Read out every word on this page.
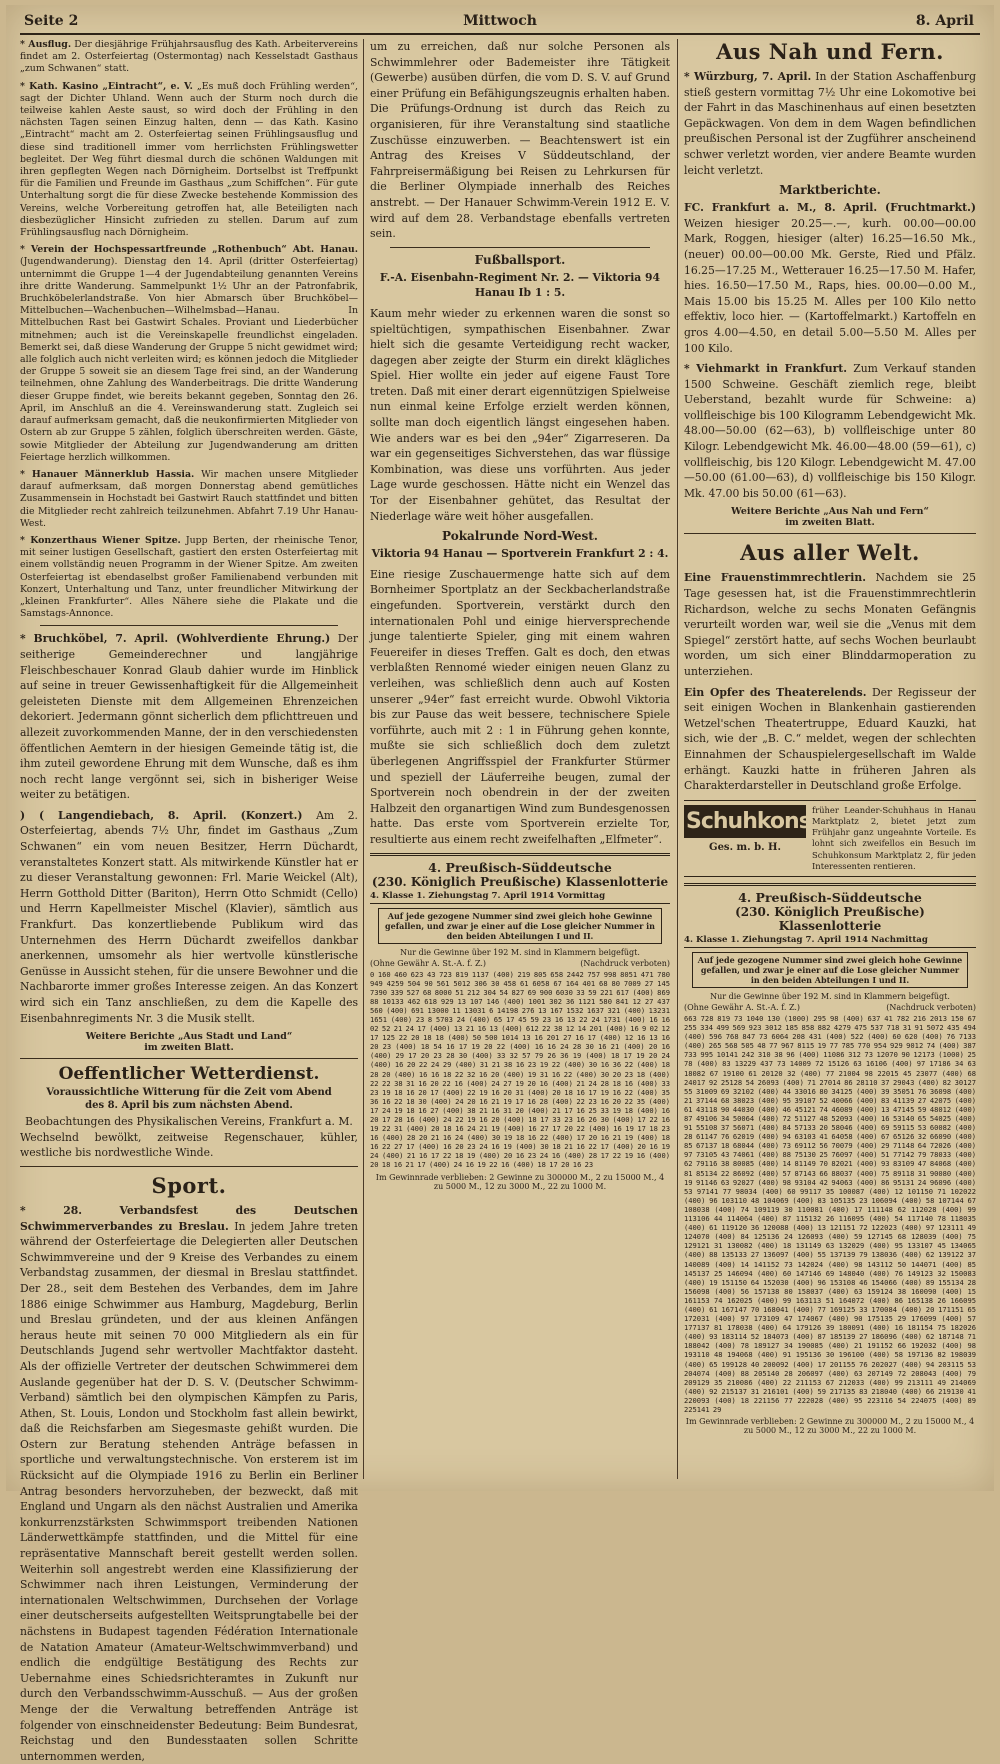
Seite 2	Mittwoch	8. April

* Ausflug. Der diesjährige Frühjahrsausflug des Kath. Arbeitervereins findet am 2. Osterfeiertag (Ostermontag) nach Kesselstadt Gasthaus „zum Schwanen“ statt.

* Kath. Kasino „Eintracht“, e. V. „Es muß doch Frühling werden“, sagt der Dichter Uhland. Wenn auch der Sturm noch durch die teilweise kahlen Aeste saust, so wird doch der Frühling in den nächsten Tagen seinen Einzug halten, denn — das Kath. Kasino „Eintracht“ macht am 2. Osterfeiertag seinen Frühlingsausflug und diese sind traditionell immer vom herrlichsten Frühlingswetter begleitet. Der Weg führt diesmal durch die schönen Waldungen mit ihren gepflegten Wegen nach Dörnigheim. Dortselbst ist Treffpunkt für die Familien und Freunde im Gasthaus „zum Schiffchen“. Für gute Unterhaltung sorgt die für diese Zwecke bestehende Kommission des Vereins, welche Vorbereitung getroffen hat, alle Beteiligten nach diesbezüglicher Hinsicht zufrieden zu stellen. Darum auf zum Frühlingsausflug nach Dörnigheim.

* Verein der Hochspessartfreunde „Rothenbuch“ Abt. Hanau. (Jugendwanderung). Dienstag den 14. April (dritter Osterfeiertag) unternimmt die Gruppe 1—4 der Jugendabteilung genannten Vereins ihre dritte Wanderung. Sammelpunkt 1½ Uhr an der Patronfabrik, Bruchköbelerlandstraße. Von hier Abmarsch über Bruchköbel—Mittelbuchen—Wachenbuchen—Wilhelmsbad—Hanau. In Mittelbuchen Rast bei Gastwirt Schales. Proviant und Liederbücher mitnehmen; auch ist die Vereinskapelle freundlichst eingeladen. Bemerkt sei, daß diese Wanderung der Gruppe 5 nicht gewidmet wird; alle folglich auch nicht verleiten wird; es können jedoch die Mitglieder der Gruppe 5 soweit sie an diesem Tage frei sind, an der Wanderung teilnehmen, ohne Zahlung des Wanderbeitrags. Die dritte Wanderung dieser Gruppe findet, wie bereits bekannt gegeben, Sonntag den 26. April, im Anschluß an die 4. Vereinswanderung statt. Zugleich sei darauf aufmerksam gemacht, daß die neukonfirmierten Mitglieder von Ostern ab zur Gruppe 5 zählen, folglich überschreiten werden. Gäste, sowie Mitglieder der Abteilung zur Jugendwanderung am dritten Feiertage herzlich willkommen.

* Hanauer Männerklub Hassia. Wir machen unsere Mitglieder darauf aufmerksam, daß morgen Donnerstag abend gemütliches Zusammensein in Hochstadt bei Gastwirt Rauch stattfindet und bitten die Mitglieder recht zahlreich teilzunehmen. Abfahrt 7.19 Uhr Hanau-West.

* Konzerthaus Wiener Spitze. Jupp Berten, der rheinische Tenor, mit seiner lustigen Gesellschaft, gastiert den ersten Osterfeiertag mit einem vollständig neuen Programm in der Wiener Spitze. Am zweiten Osterfeiertag ist ebendaselbst großer Familienabend verbunden mit Konzert, Unterhaltung und Tanz, unter freundlicher Mitwirkung der „kleinen Frankfurter“. Alles Nähere siehe die Plakate und die Samstags-Annonce.

* Bruchköbel, 7. April. (Wohlverdiente Ehrung.) Der seitherige Gemeinderechner und langjährige Fleischbeschauer Konrad Glaub dahier wurde im Hinblick auf seine in treuer Gewissenhaftigkeit für die Allgemeinheit geleisteten Dienste mit dem Allgemeinen Ehrenzeichen dekoriert. Jedermann gönnt sicherlich dem pflichttreuen und allezeit zuvorkommenden Manne, der in den verschiedensten öffentlichen Aemtern in der hiesigen Gemeinde tätig ist, die ihm zuteil gewordene Ehrung mit dem Wunsche, daß es ihm noch recht lange vergönnt sei, sich in bisheriger Weise weiter zu betätigen.

) ( Langendiebach, 8. April. (Konzert.) Am 2. Osterfeiertag, abends 7½ Uhr, findet im Gasthaus „Zum Schwanen“ ein vom neuen Besitzer, Herrn Düchardt, veranstaltetes Konzert statt. Als mitwirkende Künstler hat er zu dieser Veranstaltung gewonnen: Frl. Marie Weickel (Alt), Herrn Gotthold Ditter (Bariton), Herrn Otto Schmidt (Cello) und Herrn Kapellmeister Mischel (Klavier), sämtlich aus Frankfurt. Das konzertliebende Publikum wird das Unternehmen des Herrn Düchardt zweifellos dankbar anerkennen, umsomehr als hier wertvolle künstlerische Genüsse in Aussicht stehen, für die unsere Bewohner und die Nachbarorte immer großes Interesse zeigen. An das Konzert wird sich ein Tanz anschließen, zu dem die Kapelle des Eisenbahnregiments Nr. 3 die Musik stellt.

Weitere Berichte „Aus Stadt und Land“
im zweiten Blatt.
Oeffentlicher Wetterdienst.
Voraussichtliche Witterung für die Zeit vom Abend
des 8. April bis zum nächsten Abend.

Beobachtungen des Physikalischen Vereins, Frankfurt a. M.

Wechselnd bewölkt, zeitweise Regenschauer, kühler, westliche bis nordwestliche Winde.

Sport.

* 28. Verbandsfest des Deutschen Schwimmerverbandes zu Breslau. In jedem Jahre treten während der Osterfeiertage die Delegierten aller Deutschen Schwimmvereine und der 9 Kreise des Verbandes zu einem Verbandstag zusammen, der diesmal in Breslau stattfindet. Der 28., seit dem Bestehen des Verbandes, dem im Jahre 1886 einige Schwimmer aus Hamburg, Magdeburg, Berlin und Breslau gründeten, und der aus kleinen Anfängen heraus heute mit seinen 70 000 Mitgliedern als ein für Deutschlands Jugend sehr wertvoller Machtfaktor dasteht. Als der offizielle Vertreter der deutschen Schwimmerei dem Auslande gegenüber hat der D. S. V. (Deutscher Schwimm-Verband) sämtlich bei den olympischen Kämpfen zu Paris, Athen, St. Louis, London und Stockholm fast allein bewirkt, daß die Reichsfarben am Siegesmaste gehißt wurden. Die Ostern zur Beratung stehenden Anträge befassen in sportliche und verwaltungstechnische. Von ersterem ist im Rücksicht auf die Olympiade 1916 zu Berlin ein Berliner Antrag besonders hervorzuheben, der bezweckt, daß mit England und Ungarn als den nächst Australien und Amerika konkurrenzstärksten Schwimmsport treibenden Nationen Länderwettkämpfe stattfinden, und die Mittel für eine repräsentative Mannschaft bereit gestellt werden sollen. Weiterhin soll angestrebt werden eine Klassifizierung der Schwimmer nach ihren Leistungen, Verminderung der internationalen Weltschwimmen, Durchsehen der Vorlage einer deutscherseits aufgestellten Weitsprungtabelle bei der nächstens in Budapest tagenden Fédération Internationale de Natation Amateur (Amateur-Weltschwimmverband) und endlich die endgültige Bestätigung des Rechts zur Uebernahme eines Schiedsrichteramtes in Zukunft nur durch den Verbandsschwimm-Ausschuß. — Aus der großen Menge der die Verwaltung betreffenden Anträge ist folgender von einschneidenster Bedeutung: Beim Bundesrat, Reichstag und den Bundesstaaten sollen Schritte unternommen werden,

um zu erreichen, daß nur solche Personen als Schwimmlehrer oder Bademeister ihre Tätigkeit (Gewerbe) ausüben dürfen, die vom D. S. V. auf Grund einer Prüfung ein Befähigungszeugnis erhalten haben. Die Prüfungs-Ordnung ist durch das Reich zu organisieren, für ihre Veranstaltung sind staatliche Zuschüsse einzuwerben. — Beachtenswert ist ein Antrag des Kreises V Süddeutschland, der Fahrpreisermäßigung bei Reisen zu Lehrkursen für die Berliner Olympiade innerhalb des Reiches anstrebt. — Der Hanauer Schwimm-Verein 1912 E. V. wird auf dem 28. Verbandstage ebenfalls vertreten sein.

Fußballsport.

F.-A. Eisenbahn-Regiment Nr. 2. — Viktoria 94 Hanau Ib 1 : 5.

Kaum mehr wieder zu erkennen waren die sonst so spieltüchtigen, sympathischen Eisenbahner. Zwar hielt sich die gesamte Verteidigung recht wacker, dagegen aber zeigte der Sturm ein direkt klägliches Spiel. Hier wollte ein jeder auf eigene Faust Tore treten. Daß mit einer derart eigennützigen Spielweise nun einmal keine Erfolge erzielt werden können, sollte man doch eigentlich längst eingesehen haben. Wie anders war es bei den „94er“ Zigarreseren. Da war ein gegenseitiges Sichverstehen, das war flüssige Kombination, was diese uns vorführten. Aus jeder Lage wurde geschossen. Hätte nicht ein Wenzel das Tor der Eisenbahner gehütet, das Resultat der Niederlage wäre weit höher ausgefallen.

Pokalrunde Nord-West.

Viktoria 94 Hanau — Sportverein Frankfurt 2 : 4.

Eine riesige Zuschauermenge hatte sich auf dem Bornheimer Sportplatz an der Seckbacherlandstraße eingefunden. Sportverein, verstärkt durch den internationalen Pohl und einige hierversprechende junge talentierte Spieler, ging mit einem wahren Feuereifer in dieses Treffen. Galt es doch, den etwas verblaßten Rennomé wieder einigen neuen Glanz zu verleihen, was schließlich denn auch auf Kosten unserer „94er“ fast erreicht wurde. Obwohl Viktoria bis zur Pause das weit bessere, technischere Spiele vorführte, auch mit 2 : 1 in Führung gehen konnte, mußte sie sich schließlich doch dem zuletzt überlegenen Angriffsspiel der Frankfurter Stürmer und speziell der Läuferreihe beugen, zumal der Sportverein noch obendrein in der der zweiten Halbzeit den organartigen Wind zum Bundesgenossen hatte. Das erste vom Sportverein erzielte Tor, resultierte aus einem recht zweifelhaften „Elfmeter“.

4. Preußisch-Süddeutsche
(230. Königlich Preußische) Klassenlotterie
4. Klasse 1. Ziehungstag 7. April 1914 Vormittag
Auf jede gezogene Nummer sind zwei gleich hohe Gewinne gefallen, und zwar je einer auf die Lose gleicher Nummer in den beiden Abteilungen I und II.
Nur die Gewinne über 192 M. sind in Klammern beigefügt.
(Ohne Gewähr A. St.-A. f. Z.)	(Nachdruck verboten)
0 160 460 623 43 723 819 1137 (400) 219 805 658 2442 757 998 8051 471 780 949 4259 504 90 561 5012 306 30 458 61 6058 67 164 401 68 80 7009 27 145 7390 339 527 68 8000 51 212 304 54 827 69 900 6030 33 59 221 617 (400) 869 88 10133 462 618 929 13 107 146 (400) 1001 302 36 1121 580 841 12 27 437 560 (400) 691 13000 11 13031 6 14198 276 13 167 1532 1637 321 (400) 13231 1651 (400) 23 8 5703 24 (400) 65 17 45 59 23 16 13 22 24 1731 (400) 16 16 02 52 21 24 17 (400) 13 21 16 13 (400) 612 22 38 12 14 201 (400) 16 9 02 12 17 125 22 20 18 18 (400) 50 500 1014 13 16 201 27 16 17 (400) 12 16 13 16 20 23 (400) 18 54 16 17 19 20 22 (400) 16 16 24 28 30 16 21 (400) 20 16 (400) 29 17 20 23 28 30 (400) 33 32 57 79 26 36 19 (400) 18 17 19 20 24 (400) 16 20 22 24 29 (400) 31 21 38 16 23 19 22 (400) 30 16 36 22 (400) 18 28 20 (400) 16 16 18 22 32 16 20 (400) 19 31 16 22 (400) 30 20 23 18 (400) 22 22 38 31 16 20 22 16 (400) 24 27 19 20 16 (400) 21 24 28 18 16 (400) 33 23 19 18 16 20 17 (400) 22 19 16 20 31 (400) 20 18 16 17 19 16 22 (400) 35 36 16 22 18 30 (400) 24 20 16 21 19 17 16 28 (400) 22 23 16 20 22 35 (400) 17 24 19 18 16 27 (400) 38 21 16 31 20 (400) 21 17 16 25 33 19 18 (400) 16 20 17 28 16 (400) 24 22 19 16 20 (400) 18 17 33 23 16 26 30 (400) 17 22 16 19 22 31 (400) 20 18 16 24 21 19 (400) 16 27 17 20 22 (400) 16 19 17 18 23 16 (400) 28 20 21 16 24 (400) 30 19 18 16 22 (400) 17 20 16 21 19 (400) 18 16 22 27 17 (400) 16 20 23 24 16 19 (400) 30 18 21 16 22 17 (400) 20 16 19 24 (400) 21 16 17 22 18 19 (400) 20 16 23 24 16 (400) 28 17 22 19 16 (400) 20 18 16 21 17 (400) 24 16 19 22 16 (400) 18 17 20 16 23
Im Gewinnrade verblieben: 2 Gewinne zu 300000 M., 2 zu 15000 M., 4 zu 5000 M., 12 zu 3000 M., 22 zu 1000 M.
Aus Nah und Fern.

* Würzburg, 7. April. In der Station Aschaffenburg stieß gestern vormittag 7½ Uhr eine Lokomotive bei der Fahrt in das Maschinenhaus auf einen besetzten Gepäckwagen. Von dem in dem Wagen befindlichen preußischen Personal ist der Zugführer anscheinend schwer verletzt worden, vier andere Beamte wurden leicht verletzt.

Marktberichte.

FC. Frankfurt a. M., 8. April. (Fruchtmarkt.) Weizen hiesiger 20.25—.—, kurh. 00.00—00.00 Mark, Roggen, hiesiger (alter) 16.25—16.50 Mk., (neuer) 00.00—00.00 Mk. Gerste, Ried und Pfälz. 16.25—17.25 M., Wetterauer 16.25—17.50 M. Hafer, hies. 16.50—17.50 M., Raps, hies. 00.00—0.00 M., Mais 15.00 bis 15.25 M. Alles per 100 Kilo netto effektiv, loco hier. — (Kartoffelmarkt.) Kartoffeln en gros 4.00—4.50, en detail 5.00—5.50 M. Alles per 100 Kilo.

* Viehmarkt in Frankfurt. Zum Verkauf standen 1500 Schweine. Geschäft ziemlich rege, bleibt Ueberstand, bezahlt wurde für Schweine: a) vollfleischige bis 100 Kilogramm Lebendgewicht Mk. 48.00—50.00 (62—63), b) vollfleischige unter 80 Kilogr. Lebendgewicht Mk. 46.00—48.00 (59—61), c) vollfleischig, bis 120 Kilogr. Lebendgewicht M. 47.00—50.00 (61.00—63), d) vollfleischige bis 150 Kilogr. Mk. 47.00 bis 50.00 (61—63).

Weitere Berichte „Aus Nah und Fern“
im zweiten Blatt.
Aus aller Welt.

Eine Frauenstimmrechtlerin. Nachdem sie 25 Tage gesessen hat, ist die Frauenstimmrechtlerin Richardson, welche zu sechs Monaten Gefängnis verurteilt worden war, weil sie die „Venus mit dem Spiegel“ zerstört hatte, auf sechs Wochen beurlaubt worden, um sich einer Blinddarmoperation zu unterziehen.

Ein Opfer des Theaterelends. Der Regisseur der seit einigen Wochen in Blankenhain gastierenden Wetzel'schen Theatertruppe, Eduard Kauzki, hat sich, wie der „B. C.“ meldet, wegen der schlechten Einnahmen der Schauspielergesellschaft im Walde erhängt. Kauzki hatte in früheren Jahren als Charakterdarsteller in Deutschland große Erfolge.

Schuhkonsum
Ges. m. b. H.
früher Leander-Schuhhaus in Hanau Marktplatz 2, bietet jetzt zum Frühjahr ganz ungeahnte Vorteile. Es lohnt sich zweifellos ein Besuch im Schuhkonsum Marktplatz 2, für jeden Interessenten rentieren.
4. Preußisch-Süddeutsche
(230. Königlich Preußische) Klassenlotterie
4. Klasse 1. Ziehungstag 7. April 1914 Nachmittag
Auf jede gezogene Nummer sind zwei gleich hohe Gewinne gefallen, und zwar je einer auf die Lose gleicher Nummer in den beiden Abteilungen I und II.
Nur die Gewinne über 192 M. sind in Klammern beigefügt.
(Ohne Gewähr A. St.-A. f. Z.)	(Nachdruck verboten)
663 728 819 73 1040 130 (1000) 295 98 (400) 637 41 782 216 2013 150 67 255 334 499 569 923 3012 185 858 882 4279 475 537 718 31 91 5072 435 494 (400) 596 768 847 73 6064 208 431 (400) 522 (400) 60 620 (400) 76 7133 (400) 265 568 505 48 77 967 8115 19 77 785 770 954 929 9012 74 (400) 387 733 995 10141 242 310 38 96 (400) 11086 312 73 12070 90 12173 (1000) 25 78 (400) 83 13229 437 73 14009 72 15126 63 16106 (400) 97 17186 34 63 18082 67 19100 61 20120 32 (400) 77 21004 98 22015 45 23077 (400) 68 24017 92 25128 54 26093 (400) 71 27014 86 28110 37 29043 (400) 82 30127 55 31009 69 32102 (400) 44 33016 80 34125 (400) 39 35051 76 36098 (400) 21 37144 68 38023 (400) 95 39107 52 40066 (400) 83 41139 27 42075 (400) 61 43118 90 44030 (400) 46 45121 74 46089 (400) 13 47145 59 48012 (400) 87 49106 34 50064 (400) 72 51127 48 52093 (400) 16 53140 65 54025 (400) 91 55108 37 56071 (400) 84 57133 20 58046 (400) 69 59115 53 60082 (400) 28 61147 76 62019 (400) 94 63103 41 64058 (400) 67 65126 32 66090 (400) 85 67137 18 68044 (400) 73 69112 56 70079 (400) 29 71148 64 72026 (400) 97 73105 43 74061 (400) 88 75130 25 76097 (400) 51 77142 79 78033 (400) 62 79116 38 80085 (400) 14 81149 70 82021 (400) 93 83109 47 84068 (400) 81 85134 22 86092 (400) 57 87143 66 88037 (400) 75 89118 31 90080 (400) 19 91146 63 92027 (400) 98 93104 42 94063 (400) 86 95131 24 96096 (400) 53 97141 77 98034 (400) 60 99117 35 100087 (400) 12 101150 71 102022 (400) 96 103110 48 104069 (400) 83 105135 23 106094 (400) 58 107144 67 108038 (400) 74 109119 30 110081 (400) 17 111148 62 112028 (400) 99 113106 44 114064 (400) 87 115132 26 116095 (400) 54 117140 78 118035 (400) 61 119120 36 120088 (400) 13 121151 72 122023 (400) 97 123111 49 124070 (400) 84 125136 24 126093 (400) 59 127145 68 128039 (400) 75 129121 31 130082 (400) 18 131149 63 132029 (400) 95 133107 45 134065 (400) 88 135133 27 136097 (400) 55 137139 79 138036 (400) 62 139122 37 140089 (400) 14 141152 73 142024 (400) 98 143112 50 144071 (400) 85 145137 25 146094 (400) 60 147146 69 148040 (400) 76 149123 32 150083 (400) 19 151150 64 152030 (400) 96 153108 46 154066 (400) 89 155134 28 156098 (400) 56 157138 80 158037 (400) 63 159124 38 160090 (400) 15 161153 74 162025 (400) 99 163113 51 164072 (400) 86 165138 26 166095 (400) 61 167147 70 168041 (400) 77 169125 33 170084 (400) 20 171151 65 172031 (400) 97 173109 47 174067 (400) 90 175135 29 176099 (400) 57 177137 81 178038 (400) 64 179126 39 180091 (400) 16 181154 75 182026 (400) 93 183114 52 184073 (400) 87 185139 27 186096 (400) 62 187148 71 188042 (400) 78 189127 34 190085 (400) 21 191152 66 192032 (400) 98 193110 48 194068 (400) 91 195136 30 196100 (400) 58 197136 82 198039 (400) 65 199128 40 200092 (400) 17 201155 76 202027 (400) 94 203115 53 204074 (400) 88 205140 28 206097 (400) 63 207149 72 208043 (400) 79 209129 35 210086 (400) 22 211153 67 212033 (400) 99 213111 49 214069 (400) 92 215137 31 216101 (400) 59 217135 83 218040 (400) 66 219130 41 220093 (400) 18 221156 77 222028 (400) 95 223116 54 224075 (400) 89 225141 29
Im Gewinnrade verblieben: 2 Gewinne zu 300000 M., 2 zu 15000 M., 4 zu 5000 M., 12 zu 3000 M., 22 zu 1000 M.
